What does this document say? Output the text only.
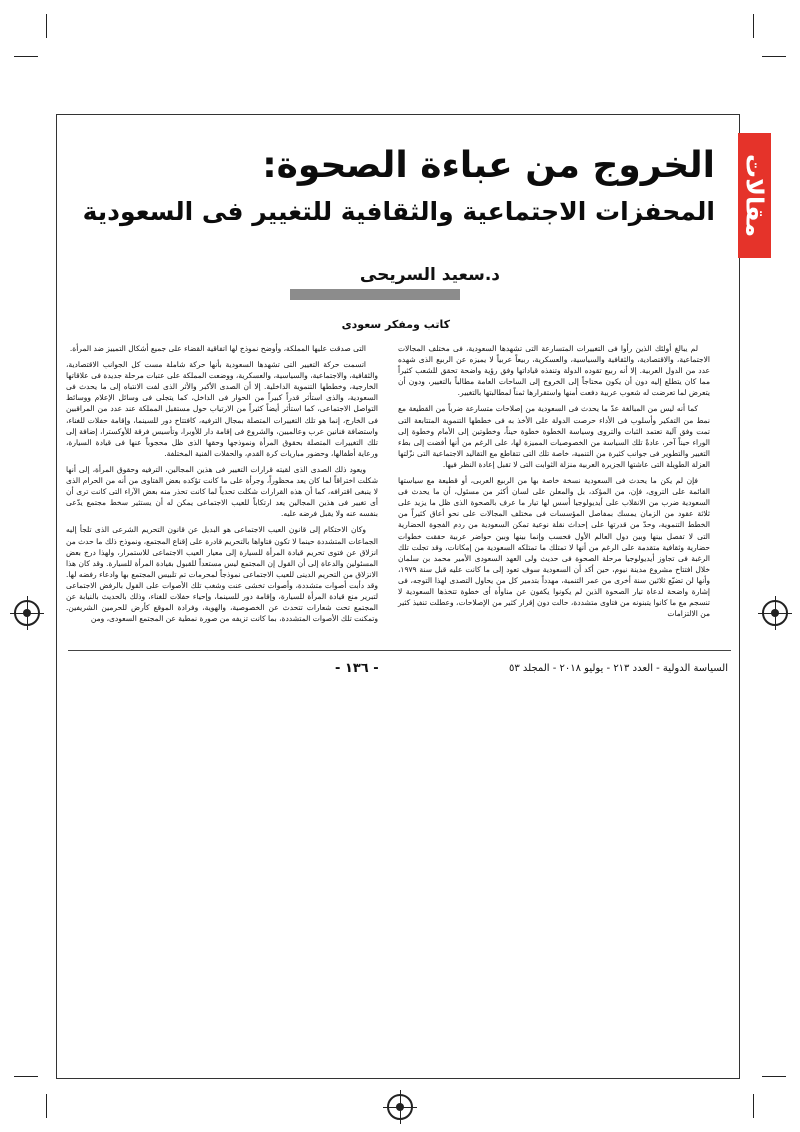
مقالات
الخروج من عباءة الصحوة:
المحفزات الاجتماعية والثقافية للتغيير فى السعودية

د.سعيد السريحى

كاتب ومفكر سعودى

لم يبالغ أولئك الذين رأوا فى التغييرات المتسارعة التى تشهدها السعودية، فى مختلف المجالات الاجتماعية، والاقتصادية، والثقافية والسياسية، والعسكرية، ربيعاً عربياً لا يميزه عن الربيع الذى شهده عدد من الدول العربية. إلا أنه ربيع تقوده الدولة وتنفذه قياداتها وفق رؤية واضحة تحقق للشعب كثيراً مما كان يتطلع إليه دون أن يكون محتاجاً إلى الخروج إلى الساحات العامة مطالباً بالتغيير، ودون أن يتعرض لما تعرضت له شعوب عربية دفعت أمنها واستقرارها ثمناً لمطالبتها بالتغيير.

كما أنه ليس من المبالغة عدّ ما يحدث فى السعودية من إصلاحات متسارعة ضرباً من القطيعة مع نمط من التفكير وأسلوب فى الأداء حرصت الدولة على الأخذ به فى خططها التنموية المتتابعة التى تمت وفق آلية تعتمد الثبات والتروى وسياسة الخطوة خطوة حيناً، وخطوتين إلى الأمام وخطوة إلى الوراء حيناً آخر، عادةً تلك السياسة من الخصوصيات المميزة لها، على الرغم من أنها أفضت إلى بطء التغيير والتطوير فى جوانب كثيرة من التنمية، خاصة تلك التى تتقاطع مع التقاليد الاجتماعية التى نزّلتها العزلة الطويلة التى عاشتها الجزيرة العربية منزلة الثوابت التى لا تقبل إعادة النظر فيها.

فإن لم يكن ما يحدث فى السعودية نسخة خاصة بها من الربيع العربى، أو قطيعة مع سياستها القائمة على التروى، فإن، من المؤكد، بل والمعلن على لسان أكثر من مسئول، أن ما يحدث فى السعودية ضرب من الانقلاب على أيديولوجيا أسس لها تيار ما عرف بالصحوة الذى ظل ما يزيد على ثلاثة عقود من الزمان يمسك بمفاصل المؤسسات فى مختلف المجالات على نحو أعاق كثيراً من الخطط التنموية، وحدّ من قدرتها على إحداث نقلة نوعية تمكن السعودية من ردم الفجوة الحضارية التى لا تفصل بينها وبين دول العالم الأول فحسب وإنما بينها وبين حواضر عربية حققت خطوات حضارية وثقافية متقدمة على الرغم من أنها لا تمتلك ما تمتلكه السعودية من إمكانات، وقد تجلت تلك الرغبة فى تجاوز أيديولوجيا مرحلة الصحوة فى حديث ولى العهد السعودى الأمير محمد بن سلمان خلال افتتاح مشروع مدينة نيوم، حين أكد أن السعودية سوف تعود إلى ما كانت عليه قبل سنة ١٩٧٩، وأنها لن تضيّع ثلاثين سنة أخرى من عمر التنمية، مهدداً بتدمير كل من يحاول التصدى لهذا التوجه، فى إشارة واضحة لدعاة تيار الصحوة الذين لم يكونوا يكفون عن مناوأة أى خطوة تتخذها السعودية لا تنسجم مع ما كانوا يتبنونه من فتاوى متشددة، حالت دون إقرار كثير من الإصلاحات، وعطلت تنفيذ كثير من الالتزامات

التى صدقت عليها المملكة، وأوضح نموذج لها اتفاقية القضاء على جميع أشكال التمييز ضد المرأة.

اتسمت حركة التغيير التى تشهدها السعودية بأنها حركة شاملة مست كل الجوانب الاقتصادية، والثقافية، والاجتماعية، والسياسية، والعسكرية، ووضعت المملكة على عتبات مرحلة جديدة فى علاقاتها الخارجية، وخططها التنموية الداخلية. إلا أن الصدى الأكبر والأثر الذى لفت الانتباه إلى ما يحدث فى السعودية، والذى استأثر قدراً كبيراً من الحوار فى الداخل، كما يتجلى فى وسائل الإعلام ووسائط التواصل الاجتماعى، كما استأثر أيضاً كثيراً من الارتياب حول مستقبل المملكة عند عدد من المراقبين فى الخارج، إنما هو تلك التغييرات المتصلة بمجال الترفيه، كافتتاح دور للسينما، وإقامة حفلات للغناء، واستضافة فنانين عرب وعالميين، والشروع فى إقامة دار للأوبرا، وتأسيس فرقة للأوكسترا، إضافة إلى تلك التغييرات المتصلة بحقوق المرأة ونموذجها وحقها الذى ظل محجوباً عنها فى قيادة السيارة، ورعاية أطفالها، وحضور مباريات كرة القدم، والحفلات الفنية المختلفة.

ويعود ذلك الصدى الذى لقيته قرارات التغيير فى هذين المجالين، الترفيه وحقوق المرأة، إلى أنها شكلت اختراقاً لما كان يعد محظوراً، وجرأة على ما كانت تؤكده بعض الفتاوى من أنه من الحرام الذى لا ينبغى اقترافه، كما أن هذه القرارات شكلت تحدياً لما كانت تحذر منه بعض الآراء التى كانت ترى أن أى تغيير فى هذين المجالين يعد ارتكاباً للعيب الاجتماعى يمكن له أن يستثير سخط مجتمع يدّعى بنفسه عنه ولا يقبل فرضه عليه.

وكان الاحتكام إلى قانون العيب الاجتماعى هو البديل عن قانون التحريم الشرعى الذى تلجأ إليه الجماعات المتشددة حينما لا تكون فتاواها بالتحريم قادرة على إقناع المجتمع، ونموذج ذلك ما حدث من انزلاق عن فتوى تحريم قيادة المرأة للسيارة إلى معيار العيب الاجتماعى للاستمرار، ولهذا درج بعض المسئولين والدعاة إلى أن القول إن المجتمع ليس مستعداً للقبول بقيادة المرأة للسيارة. وقد كان هذا الانزلاق من التحريم الدينى للعيب الاجتماعى نموذجاً لمحرمات تم تلبيس المجتمع بها وادعاء رفضه لها. وقد دأبت أصوات متشددة، وأصوات تخشى عنت وشغب تلك الأصوات على القول بالرفض الاجتماعى لتبرير منع قيادة المرأة للسيارة، وإقامة دور للسينما، وإحياء حفلات للغناء، وذلك بالحديث بالنيابة عن المجتمع تحت شعارات تتحدث عن الخصوصية، والهوية، وفرادة الموقع كأرض للحرمين الشريفين. وتمكنت تلك الأصوات المتشددة، بما كانت تزيفه من صورة نمطية عن المجتمع السعودى، ومن

- ١٣٦ -	السياسة الدولية - العدد ٢١٣ - يوليو ٢٠١٨ - المجلد ٥٣
